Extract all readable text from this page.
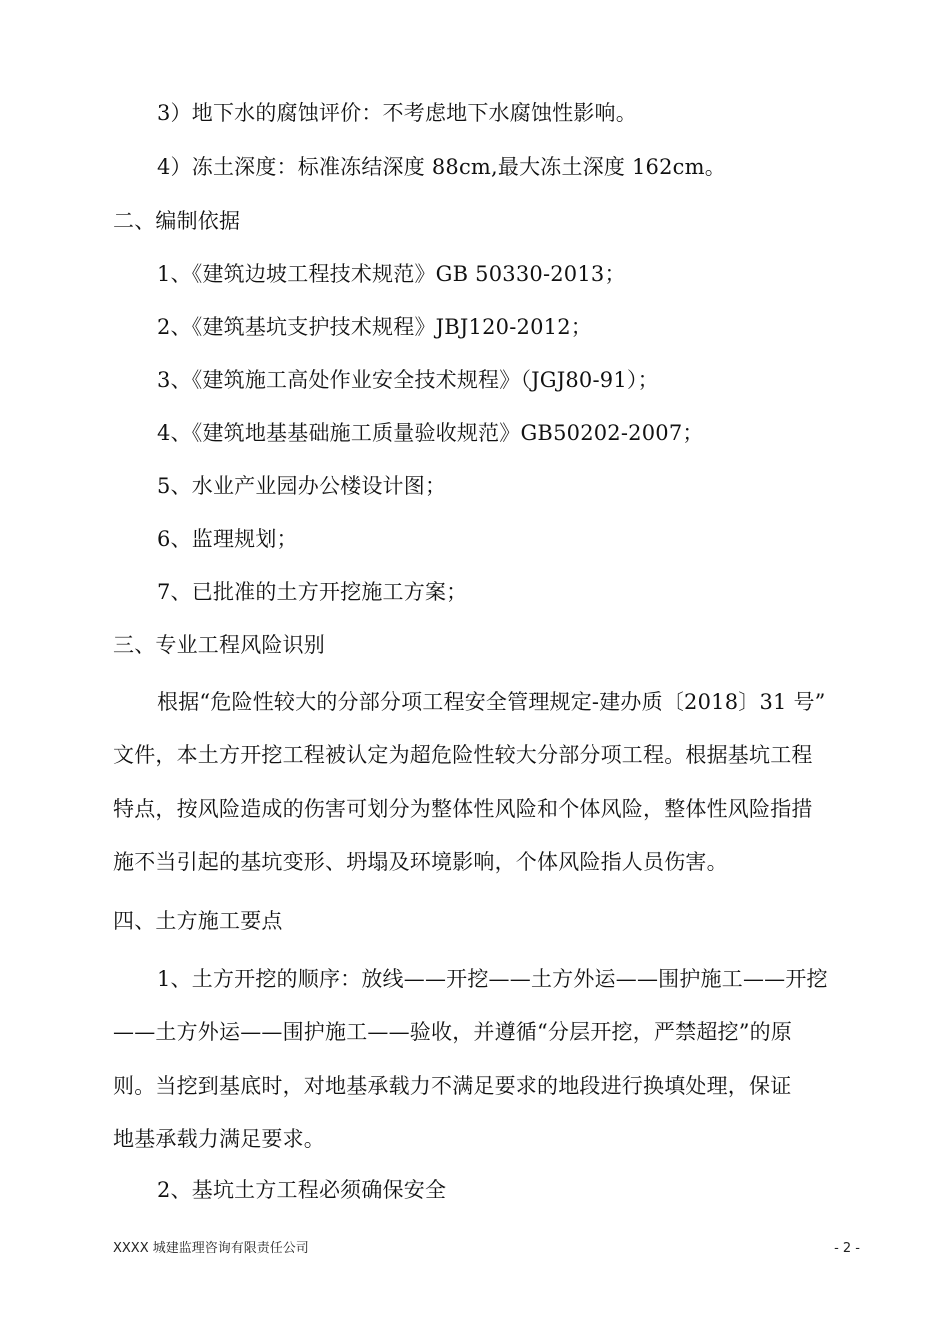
3）地下水的腐蚀评价：不考虑地下水腐蚀性影响。
4）冻土深度：标准冻结深度 88cm,最大冻土深度 162cm。
二、编制依据
1、《建筑边坡工程技术规范》GB 50330-2013；
2、《建筑基坑支护技术规程》JBJ120-2012；
3、《建筑施工高处作业安全技术规程》（JGJ80-91）；
4、《建筑地基基础施工质量验收规范》GB50202-2007；
5、水业产业园办公楼设计图；
6、监理规划；
7、已批准的土方开挖施工方案；
三、专业工程风险识别
根据“危险性较大的分部分项工程安全管理规定-建办质〔2018〕31 号”
文件，本土方开挖工程被认定为超危险性较大分部分项工程。根据基坑工程
特点，按风险造成的伤害可划分为整体性风险和个体风险，整体性风险指措
施不当引起的基坑变形、坍塌及环境影响，个体风险指人员伤害。
四、土方施工要点
1、土方开挖的顺序：放线——开挖——土方外运——围护施工——开挖
——土方外运——围护施工——验收，并遵循“分层开挖，严禁超挖”的原
则。当挖到基底时，对地基承载力不满足要求的地段进行换填处理，保证
地基承载力满足要求。
2、基坑土方工程必须确保安全
XXXX 城建监理咨询有限责任公司	- 2 -
